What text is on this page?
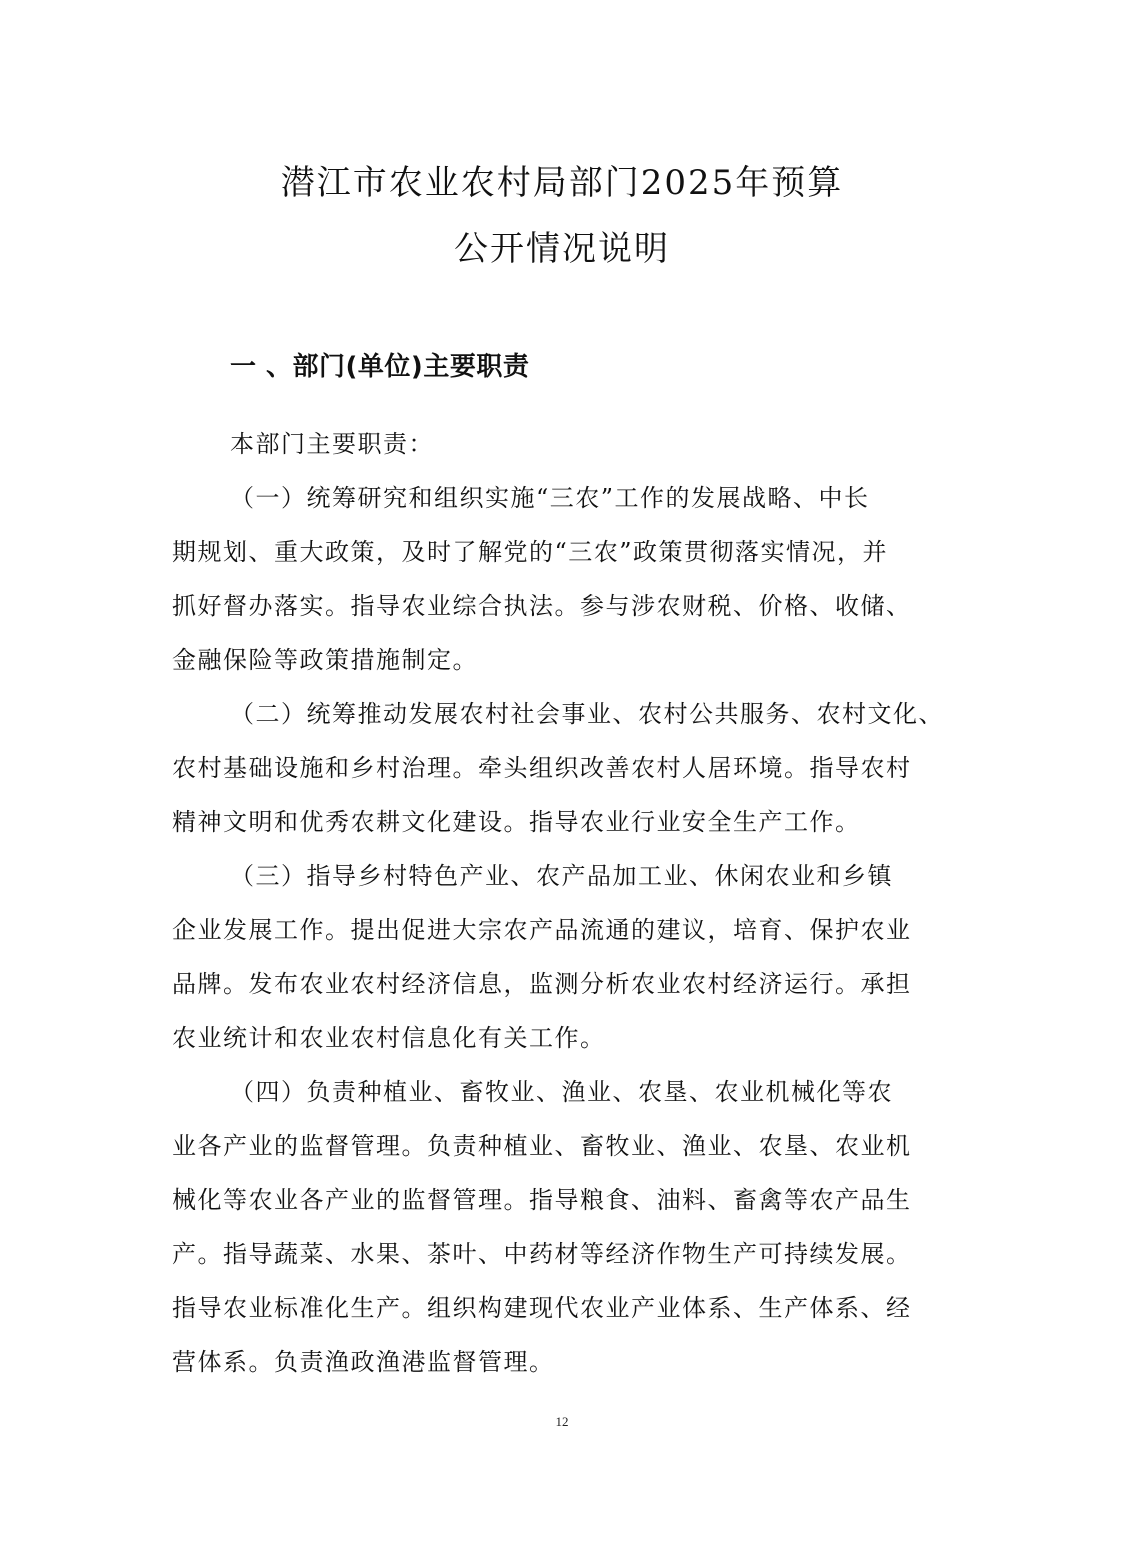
潜江市农业农村局部门2025年预算
公开情况说明
一 、部门(单位)主要职责
本部门主要职责：
（一）统筹研究和组织实施“三农”工作的发展战略、中长
期规划、重大政策，及时了解党的“三农”政策贯彻落实情况，并
抓好督办落实。指导农业综合执法。参与涉农财税、价格、收储、
金融保险等政策措施制定。
（二）统筹推动发展农村社会事业、农村公共服务、农村文化、
农村基础设施和乡村治理。牵头组织改善农村人居环境。指导农村
精神文明和优秀农耕文化建设。指导农业行业安全生产工作。
（三）指导乡村特色产业、农产品加工业、休闲农业和乡镇
企业发展工作。提出促进大宗农产品流通的建议，培育、保护农业
品牌。发布农业农村经济信息，监测分析农业农村经济运行。承担
农业统计和农业农村信息化有关工作。
（四）负责种植业、畜牧业、渔业、农垦、农业机械化等农
业各产业的监督管理。负责种植业、畜牧业、渔业、农垦、农业机
械化等农业各产业的监督管理。指导粮食、油料、畜禽等农产品生
产。指导蔬菜、水果、茶叶、中药材等经济作物生产可持续发展。
指导农业标准化生产。组织构建现代农业产业体系、生产体系、经
营体系。负责渔政渔港监督管理。
12
